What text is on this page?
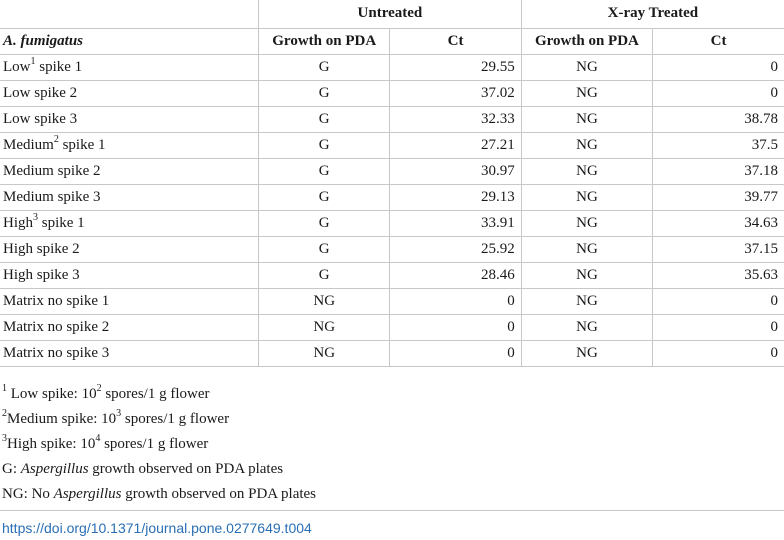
	Untreated		X-ray Treated	
A. fumigatus	Growth on PDA	Ct	Growth on PDA	Ct
Low$^1$ spike 1	G	29.55	NG	0
Low spike 2	G	37.02	NG	0
Low spike 3	G	32.33	NG	38.78
Medium$^2$ spike 1	G	27.21	NG	37.5
Medium spike 2	G	30.97	NG	37.18
Medium spike 3	G	29.13	NG	39.77
High$^3$ spike 1	G	33.91	NG	34.63
High spike 2	G	25.92	NG	37.15
High spike 3	G	28.46	NG	35.63
Matrix no spike 1	NG	0	NG	0
Matrix no spike 2	NG	0	NG	0
Matrix no spike 3	NG	0	NG	0
$^1$ Low spike: $10^2$ spores/1 g flower
$^2$Medium spike: $10^3$ spores/1 g flower
$^3$High spike: $10^4$ spores/1 g flower
G: Aspergillus growth observed on PDA plates
NG: No Aspergillus growth observed on PDA plates
https://doi.org/10.1371/journal.pone.0277649.t004
